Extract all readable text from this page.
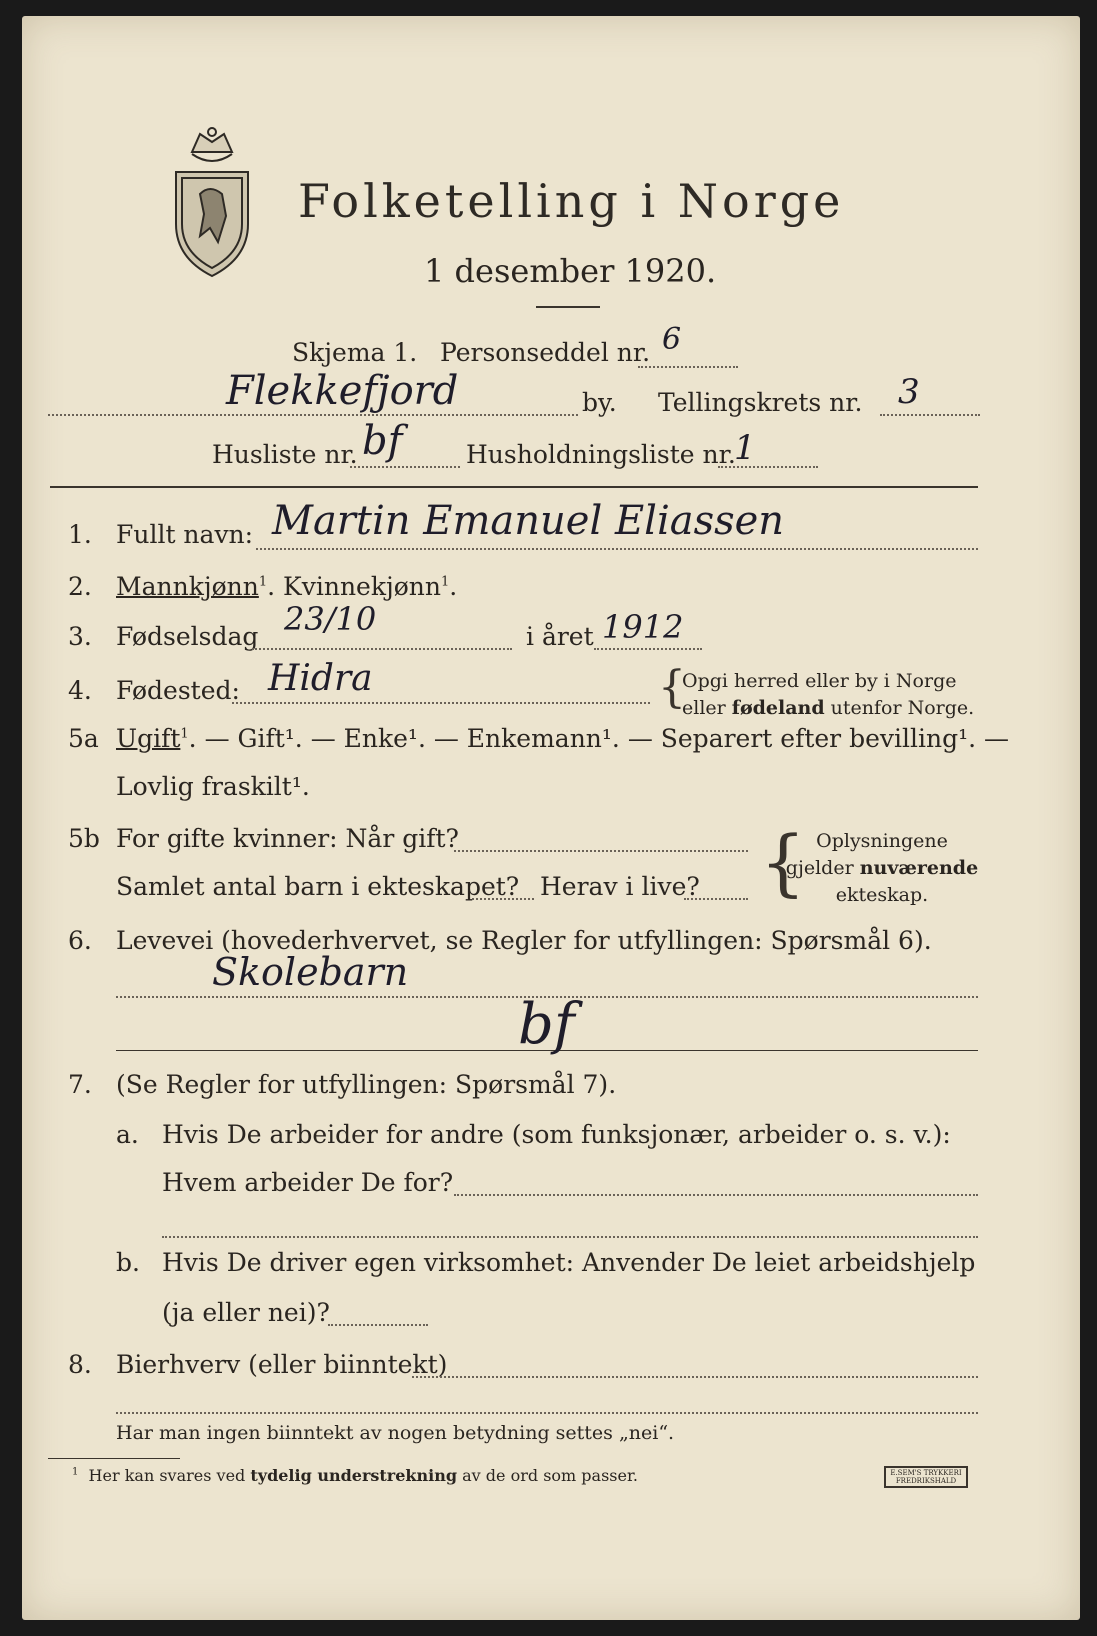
Folketelling i Norge
1 desember 1920.
Skjema 1. Personseddel nr. 6
Flekkefjord	by. Tellingskrets nr. 3
Husliste nr. bf	Husholdningsliste nr.
1
1. Fullt navn: Martin Emanuel Eliassen
2. Mannkjønn$^1$. Kvinnekjønn$^1$.
3. Fødselsdag 23/10	i året 1912
4. Fødested: Hidra	{
Opgi herred eller by i Norge
eller fødeland utenfor Norge.
5a Ugift$^1$. — Gift¹. — Enke¹. — Enkemann¹. — Separert efter bevilling¹. —
Lovlig fraskilt¹.
5b For gifte kvinner: Når gift?
Samlet antal barn i ekteskapet? Herav i live? { Oplysningene
gjelder nuværende
ekteskap.
6. Levevei (hovederhvervet, se Regler for utfyllingen: Spørsmål 6).
Skolebarn
bf
7. (Se Regler for utfyllingen: Spørsmål 7).
a. Hvis De arbeider for andre (som funksjonær, arbeider o. s. v.):
Hvem arbeider De for?
b. Hvis De driver egen virksomhet: Anvender De leiet arbeidshjelp
(ja eller nei)?
8. Bierhverv (eller biinntekt)
Har man ingen biinntekt av nogen betydning settes „nei“.
$^1$ Her kan svares ved tydelig understrekning av de ord som passer.	E.SEM'S TRYKKERI
FREDRIKSHALD
